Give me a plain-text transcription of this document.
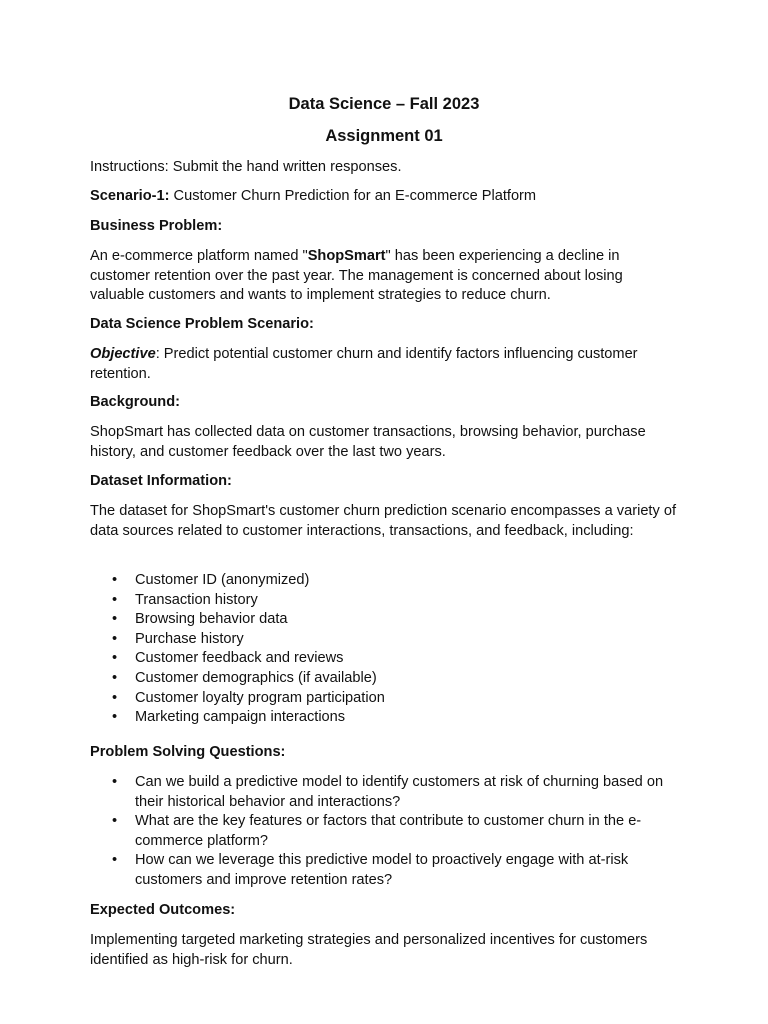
Data Science – Fall 2023
Assignment 01

Instructions: Submit the hand written responses.

Scenario-1: Customer Churn Prediction for an E-commerce Platform

Business Problem:

An e-commerce platform named "ShopSmart" has been experiencing a decline in customer retention over the past year. The management is concerned about losing valuable customers and wants to implement strategies to reduce churn.

Data Science Problem Scenario:

Objective: Predict potential customer churn and identify factors influencing customer retention.

Background:

ShopSmart has collected data on customer transactions, browsing behavior, purchase history, and customer feedback over the last two years.

Dataset Information:

The dataset for ShopSmart's customer churn prediction scenario encompasses a variety of data sources related to customer interactions, transactions, and feedback, including:

• Customer ID (anonymized)
• Transaction history
• Browsing behavior data
• Purchase history
• Customer feedback and reviews
• Customer demographics (if available)
• Customer loyalty program participation
• Marketing campaign interactions

Problem Solving Questions:

• Can we build a predictive model to identify customers at risk of churning based on their historical behavior and interactions?
• What are the key features or factors that contribute to customer churn in the e-commerce platform?
• How can we leverage this predictive model to proactively engage with at-risk customers and improve retention rates?

Expected Outcomes:

Implementing targeted marketing strategies and personalized incentives for customers identified as high-risk for churn.
